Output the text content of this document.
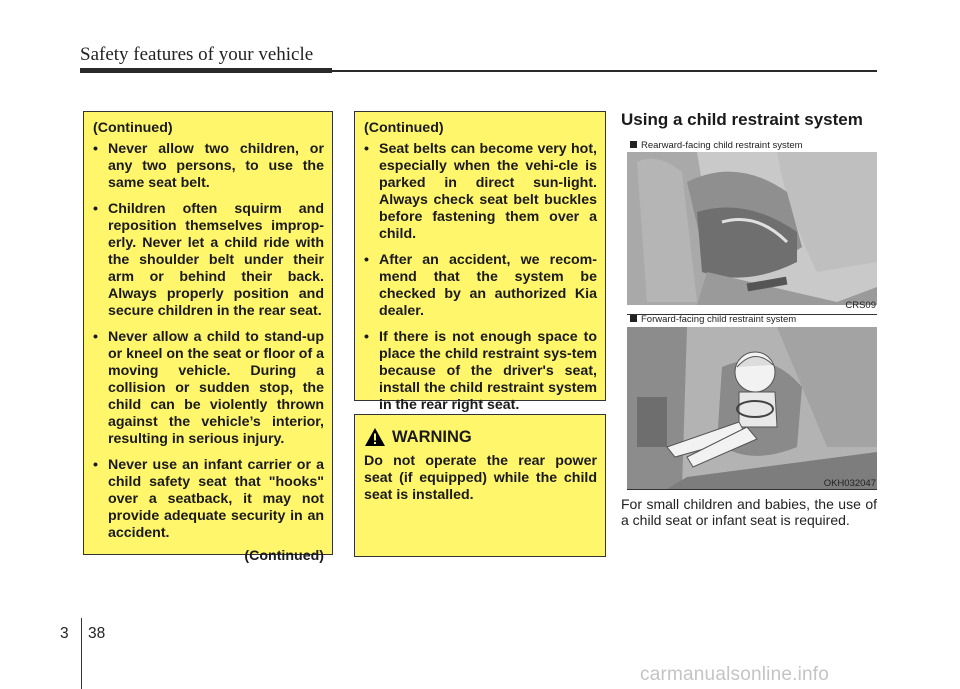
Safety features of your vehicle
(Continued)
• Never allow two children, or any two persons, to use the same seat belt.
• Children often squirm and reposition themselves improp-erly. Never let a child ride with the shoulder belt under their arm or behind their back. Always properly position and secure children in the rear seat.
• Never allow a child to stand-up or kneel on the seat or floor of a moving vehicle. During a collision or sudden stop, the child can be violently thrown against the vehicle’s interior, resulting in serious injury.
• Never use an infant carrier or a child safety seat that "hooks" over a seatback, it may not provide adequate security in an accident.
(Continued)
(Continued)
• Seat belts can become very hot, especially when the vehi-cle is parked in direct sun-light. Always check seat belt buckles before fastening them over a child.
• After an accident, we recom-mend that the system be checked by an authorized Kia dealer.
• If there is not enough space to place the child restraint sys-tem because of the driver's seat, install the child restraint system in the rear right seat.
WARNING
Do not operate the rear power seat (if equipped) while the child seat is installed.
Using a child restraint system
Rearward-facing child restraint system
CRS09
Forward-facing child restraint system
OKH032047
For small children and babies, the use of a child seat or infant seat is required.
3 38
carmanualsonline.info
